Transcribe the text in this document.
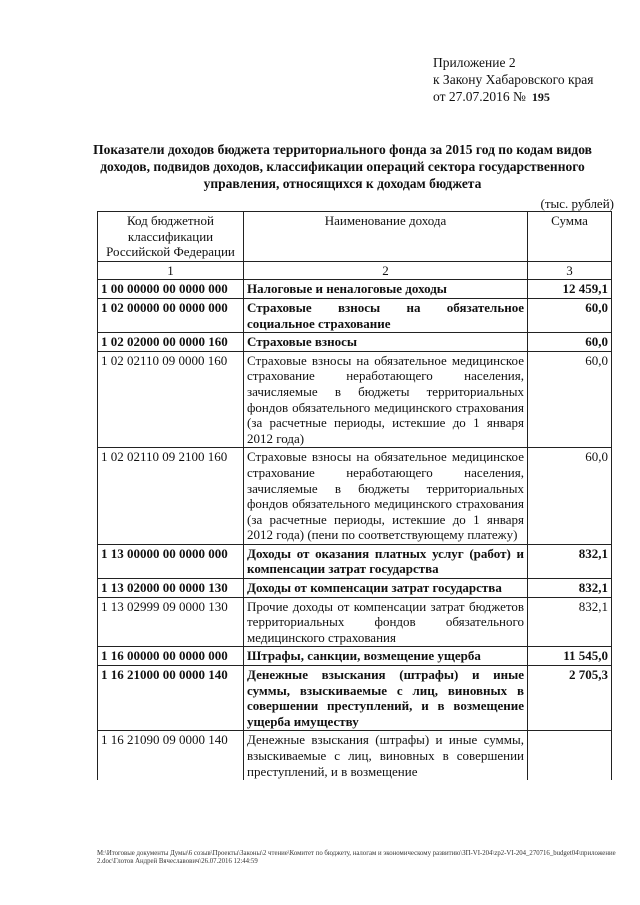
Приложение 2
к Закону Хабаровского края
от 27.07.2016 № 195
Показатели доходов бюджета территориального фонда за 2015 год по кодам видов доходов, подвидов доходов, классификации операций сектора государственного управления, относящихся к доходам бюджета
(тыс. рублей)
Код бюджетной классификации Российской Федерации	Наименование дохода	Сумма
1	2	3
1 00 00000 00 0000 000	Налоговые и неналоговые доходы	12 459,1
1 02 00000 00 0000 000	Страховые взносы на обязательное социальное страхование	60,0
1 02 02000 00 0000 160	Страховые взносы	60,0
1 02 02110 09 0000 160	Страховые взносы на обязательное медицинское страхование неработающего населения, зачисляемые в бюджеты территориальных фондов обязательного медицинского страхования (за расчетные периоды, истекшие до 1 января 2012 года)	60,0
1 02 02110 09 2100 160	Страховые взносы на обязательное медицинское страхование неработающего населения, зачисляемые в бюджеты территориальных фондов обязательного медицинского страхования (за расчетные периоды, истекшие до 1 января 2012 года) (пени по соответствующему платежу)	60,0
1 13 00000 00 0000 000	Доходы от оказания платных услуг (работ) и компенсации затрат государства	832,1
1 13 02000 00 0000 130	Доходы от компенсации затрат государства	832,1
1 13 02999 09 0000 130	Прочие доходы от компенсации затрат бюджетов территориальных фондов обязательного медицинского страхования	832,1
1 16 00000 00 0000 000	Штрафы, санкции, возмещение ущерба	11 545,0
1 16 21000 00 0000 140	Денежные взыскания (штрафы) и иные суммы, взыскиваемые с лиц, виновных в совершении преступлений, и в возмещение ущерба имуществу	2 705,3
1 16 21090 09 0000 140	Денежные взыскания (штрафы) и иные суммы, взыскиваемые с лиц, виновных в совершении преступлений, и в возмещение	
M:\Итоговые документы Думы\6 созыв\Проекты\Законы\2 чтение\Комитет по бюджету, налогам и экономическому развитию\ЗП-VI-204\zp2-VI-204_270716_budget04\приложение 2.doc\Глотов Андрей Вячеславович\26.07.2016 12:44:59
